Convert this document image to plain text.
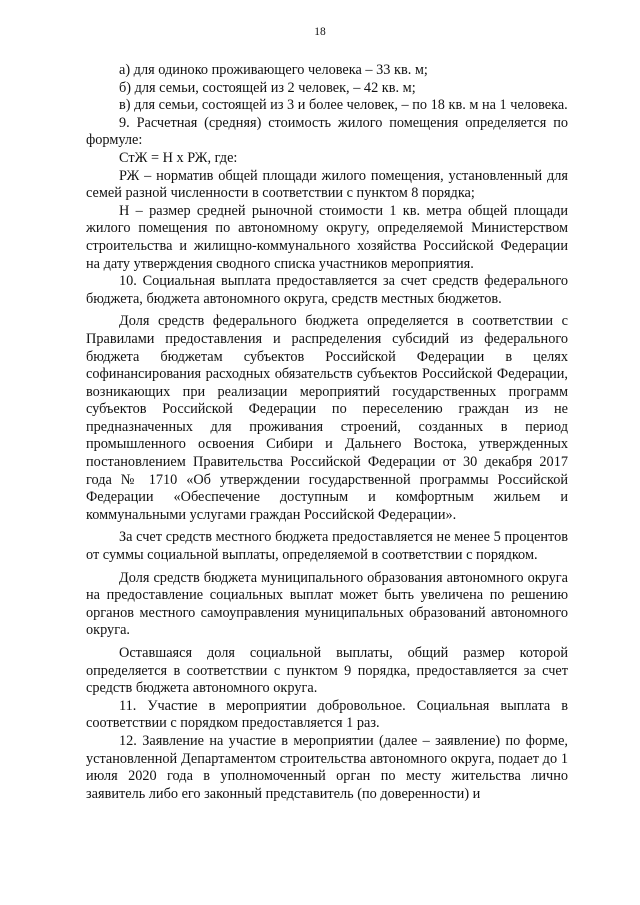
18

а) для одиноко проживающего человека – 33 кв. м;

б) для семьи, состоящей из 2 человек, – 42 кв. м;

в) для семьи, состоящей из 3 и более человек, – по 18 кв. м на 1 человека.

9. Расчетная (средняя) стоимость жилого помещения определяется по формуле:

СтЖ = Н х РЖ, где:

РЖ – норматив общей площади жилого помещения, установленный для семей разной численности в соответствии с пунктом 8 порядка;

Н – размер средней рыночной стоимости 1 кв. метра общей площади жилого помещения по автономному округу, определяемой Министерством строительства и жилищно-коммунального хозяйства Российской Федерации на дату утверждения сводного списка участников мероприятия.

10. Социальная выплата предоставляется за счет средств федерального бюджета, бюджета автономного округа, средств местных бюджетов.

Доля средств федерального бюджета определяется в соответствии с Правилами предоставления и распределения субсидий из федерального бюджета бюджетам субъектов Российской Федерации в целях софинансирования расходных обязательств субъектов Российской Федерации, возникающих при реализации мероприятий государственных программ субъектов Российской Федерации по переселению граждан из не предназначенных для проживания строений, созданных в период промышленного освоения Сибири и Дальнего Востока, утвержденных постановлением Правительства Российской Федерации от 30 декабря 2017 года № 1710 «Об утверждении государственной программы Российской Федерации «Обеспечение доступным и комфортным жильем и коммунальными услугами граждан Российской Федерации».

За счет средств местного бюджета предоставляется не менее 5 процентов от суммы социальной выплаты, определяемой в соответствии с порядком.

Доля средств бюджета муниципального образования автономного округа на предоставление социальных выплат может быть увеличена по решению органов местного самоуправления муниципальных образований автономного округа.

Оставшаяся доля социальной выплаты, общий размер которой определяется в соответствии с пунктом 9 порядка, предоставляется за счет средств бюджета автономного округа.

11. Участие в мероприятии добровольное. Социальная выплата в соответствии с порядком предоставляется 1 раз.

12. Заявление на участие в мероприятии (далее – заявление) по форме, установленной Департаментом строительства автономного округа, подает до 1 июля 2020 года в уполномоченный орган по месту жительства лично заявитель либо его законный представитель (по доверенности) и
